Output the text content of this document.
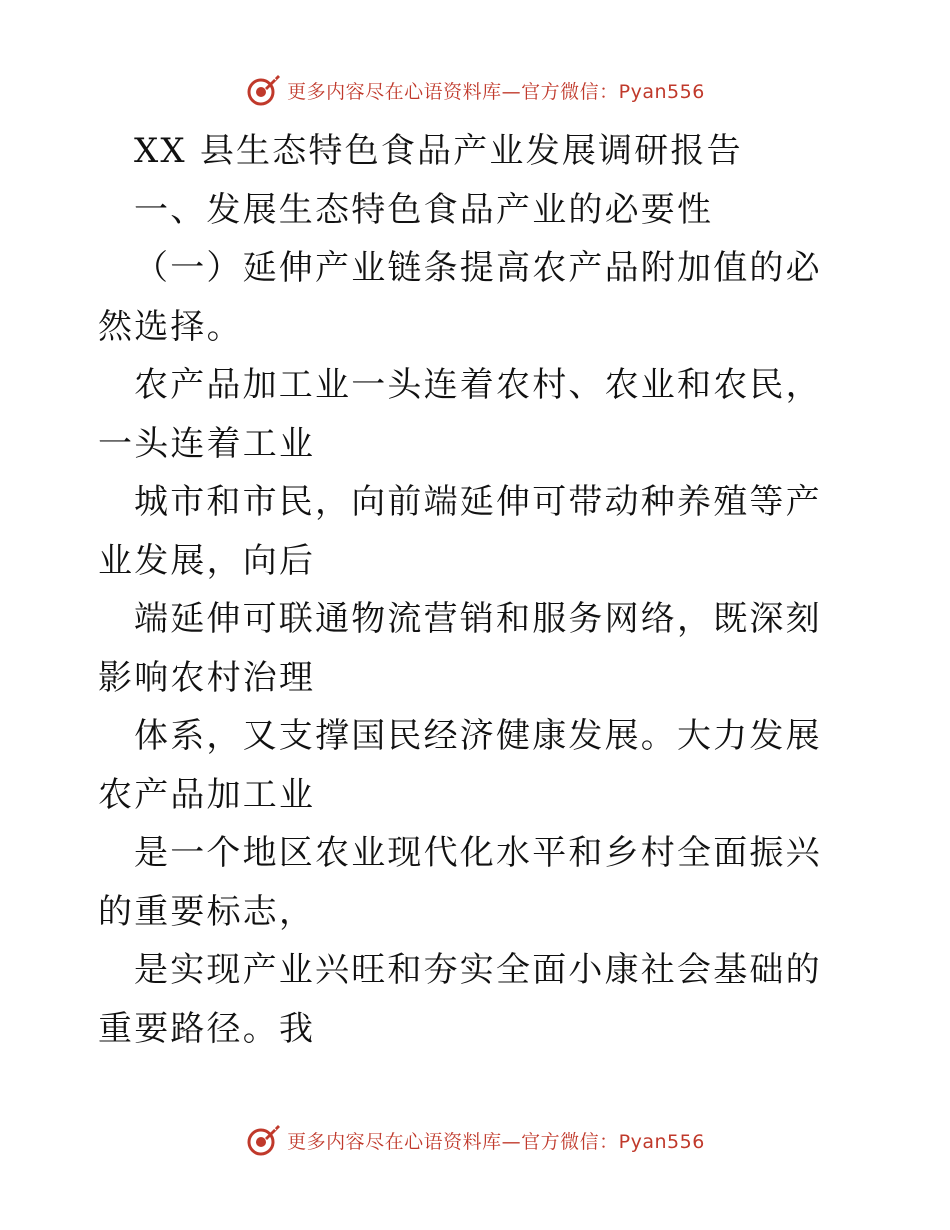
更多内容尽在心语资料库—官方微信：Pyan556

XX 县生态特色食品产业发展调研报告

一、发展生态特色食品产业的必要性

（一）延伸产业链条提高农产品附加值的必然选择。

农产品加工业一头连着农村、农业和农民，一头连着工业

城市和市民，向前端延伸可带动种养殖等产业发展，向后

端延伸可联通物流营销和服务网络，既深刻影响农村治理

体系，又支撑国民经济健康发展。大力发展农产品加工业

是一个地区农业现代化水平和乡村全面振兴的重要标志，

是实现产业兴旺和夯实全面小康社会基础的重要路径。我

更多内容尽在心语资料库—官方微信：Pyan556
